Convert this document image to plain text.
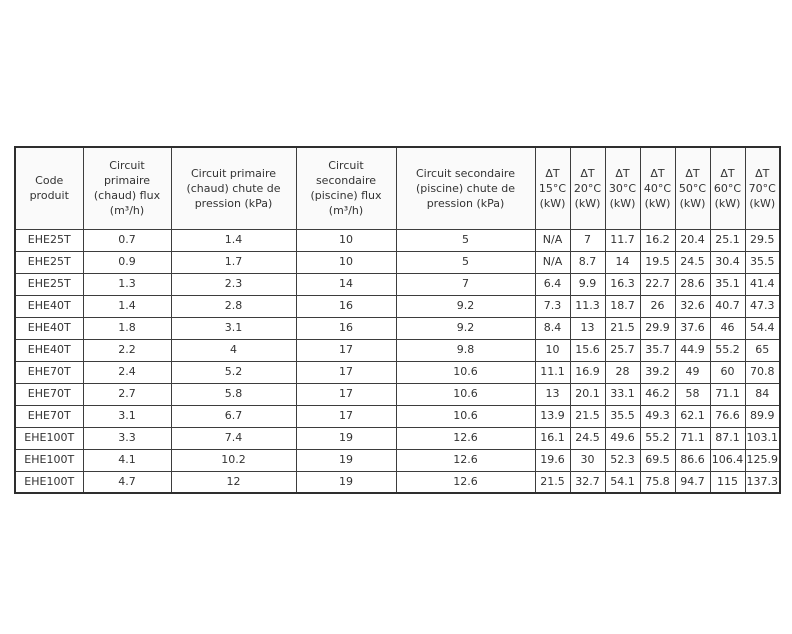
Code produit	Circuit primaire (chaud) flux (m³/h)	Circuit primaire (chaud) chute de pression (kPa)	Circuit secondaire (piscine) flux (m³/h)	Circuit secondaire (piscine) chute de pression (kPa)	ΔT 15°C (kW)	ΔT 20°C (kW)	ΔT 30°C (kW)	ΔT 40°C (kW)	ΔT 50°C (kW)	ΔT 60°C (kW)	ΔT 70°C (kW)
EHE25T	0.7	1.4	10	5	N/A	7	11.7	16.2	20.4	25.1	29.5
EHE25T	0.9	1.7	10	5	N/A	8.7	14	19.5	24.5	30.4	35.5
EHE25T	1.3	2.3	14	7	6.4	9.9	16.3	22.7	28.6	35.1	41.4
EHE40T	1.4	2.8	16	9.2	7.3	11.3	18.7	26	32.6	40.7	47.3
EHE40T	1.8	3.1	16	9.2	8.4	13	21.5	29.9	37.6	46	54.4
EHE40T	2.2	4	17	9.8	10	15.6	25.7	35.7	44.9	55.2	65
EHE70T	2.4	5.2	17	10.6	11.1	16.9	28	39.2	49	60	70.8
EHE70T	2.7	5.8	17	10.6	13	20.1	33.1	46.2	58	71.1	84
EHE70T	3.1	6.7	17	10.6	13.9	21.5	35.5	49.3	62.1	76.6	89.9
EHE100T	3.3	7.4	19	12.6	16.1	24.5	49.6	55.2	71.1	87.1	103.1
EHE100T	4.1	10.2	19	12.6	19.6	30	52.3	69.5	86.6	106.4	125.9
EHE100T	4.7	12	19	12.6	21.5	32.7	54.1	75.8	94.7	115	137.3
